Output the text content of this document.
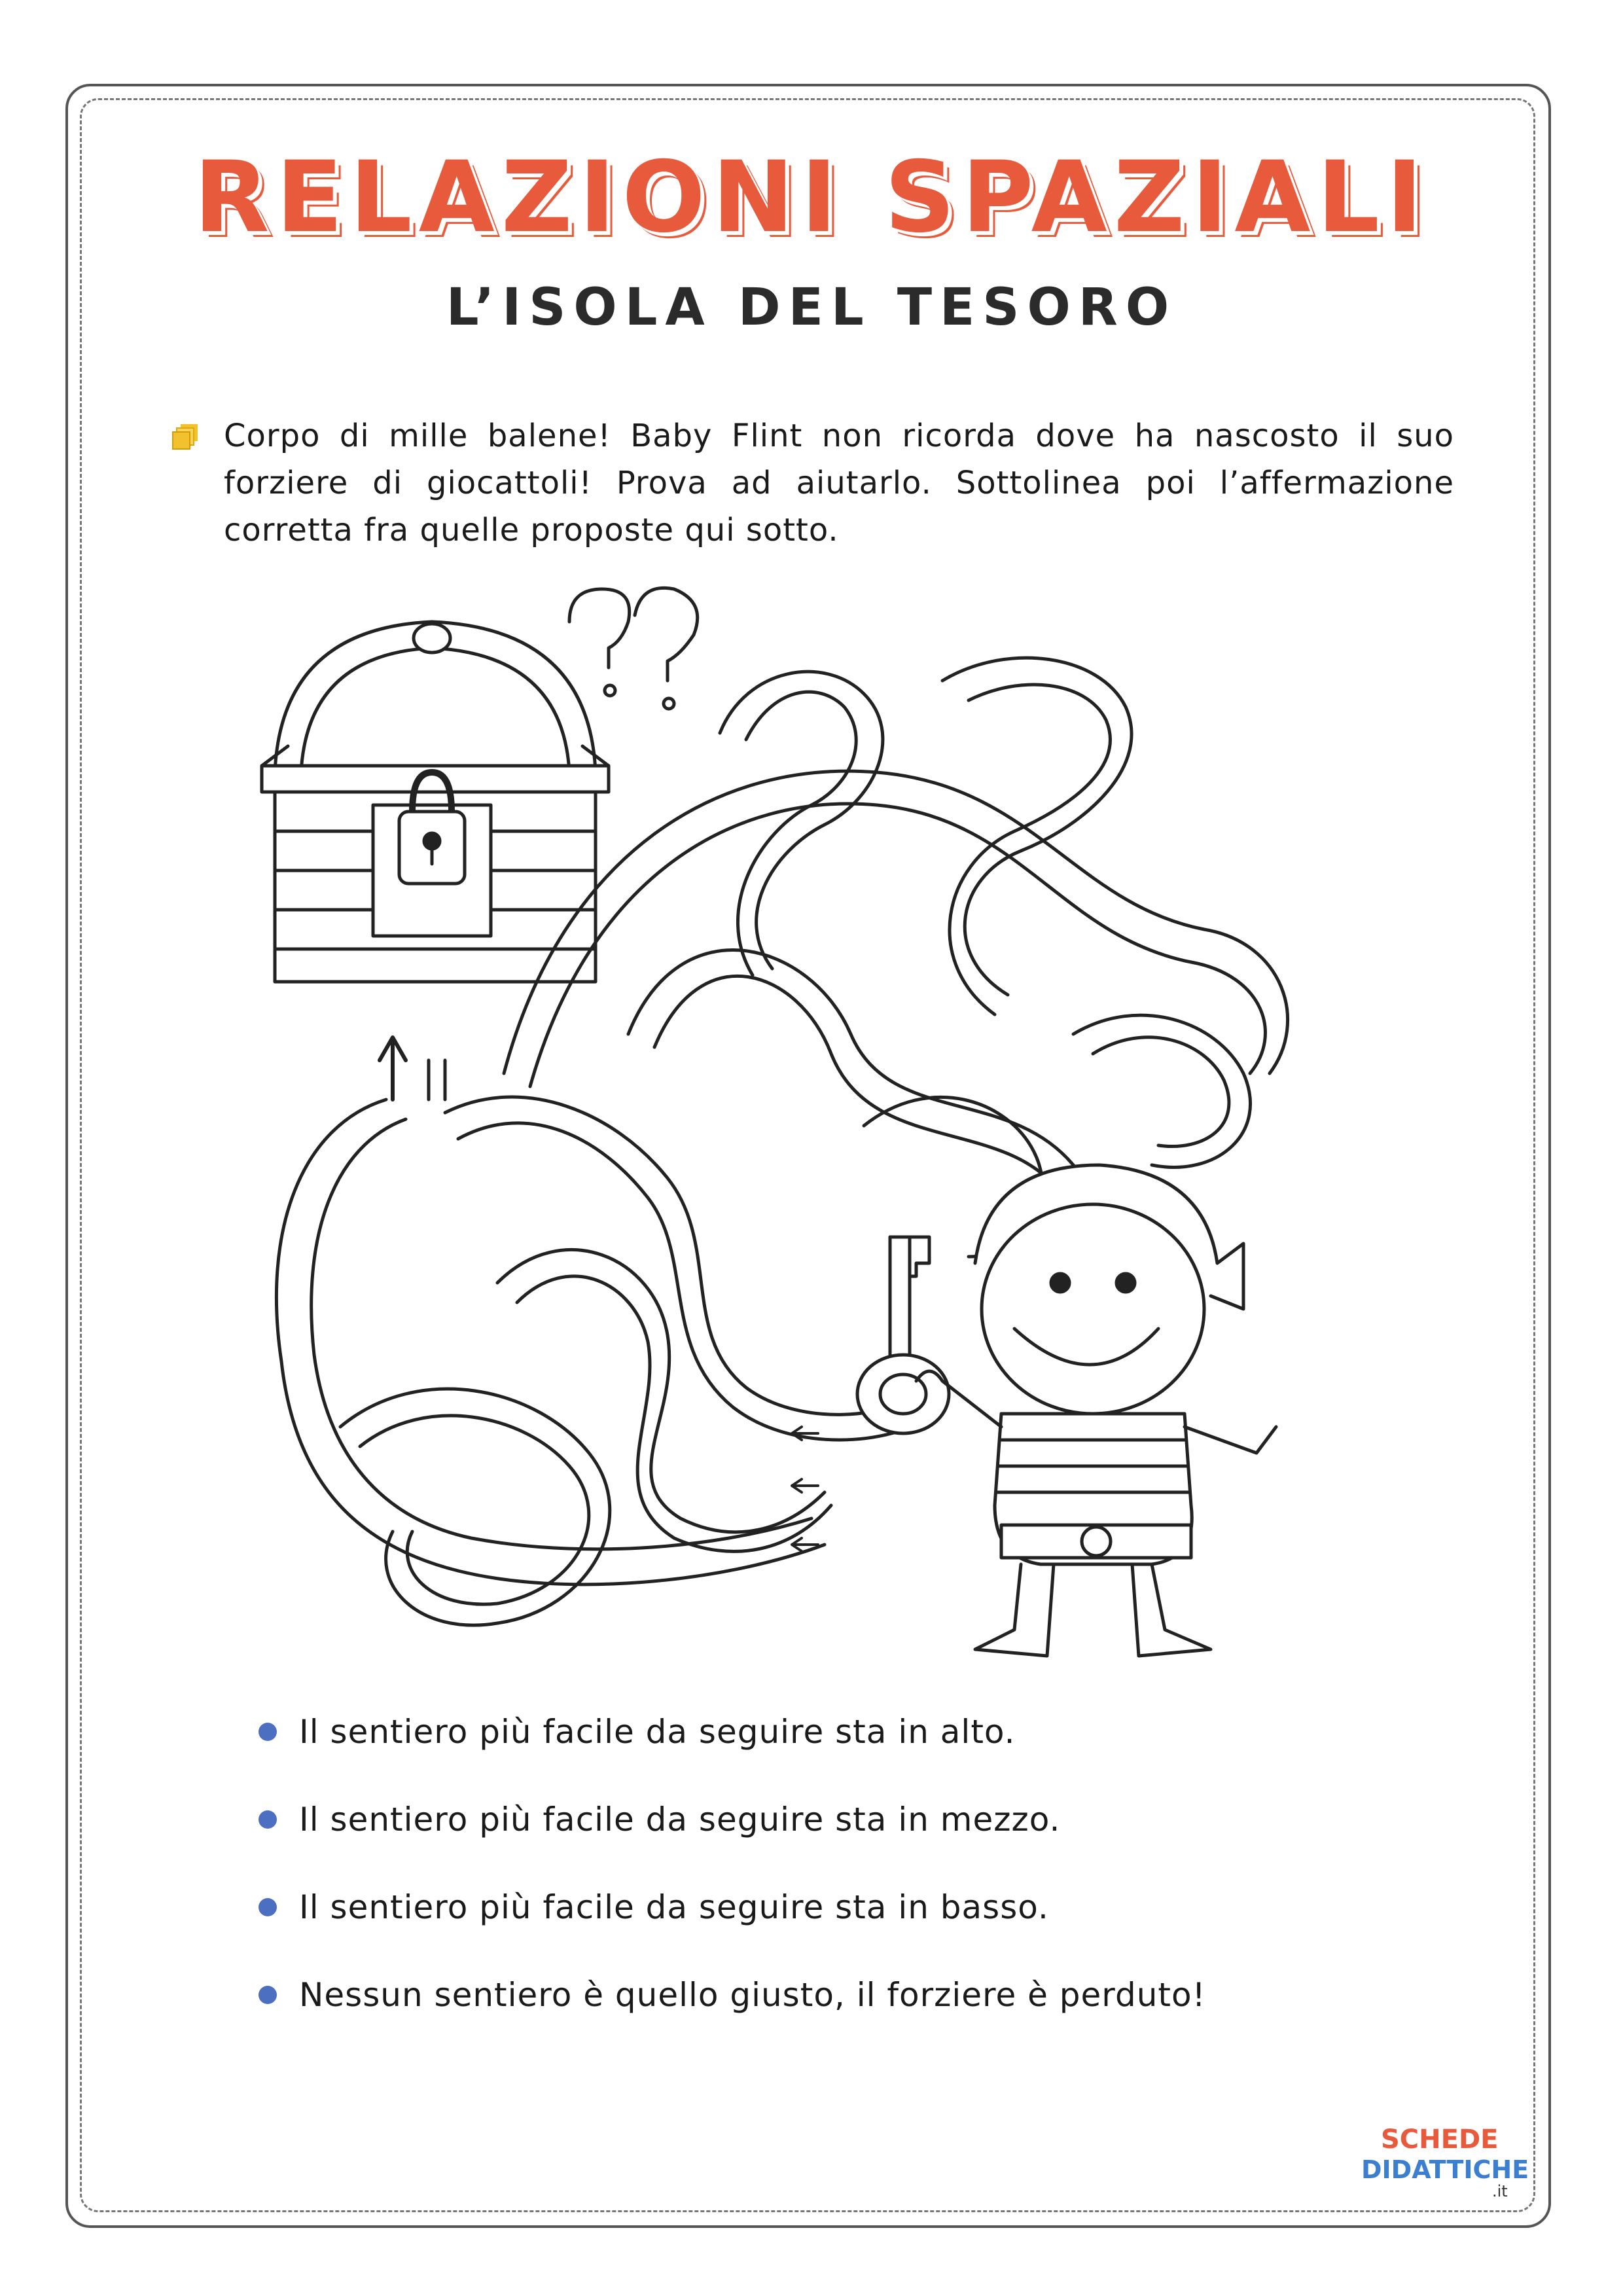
RELAZIONI SPAZIALI
L’ISOLA DEL TESORO
Corpo di mille balene! Baby Flint non ricorda dove ha nascosto il suo forziere di giocattoli! Prova ad aiutarlo. Sottolinea poi l’affermazione corretta fra quelle proposte qui sotto.
Il sentiero più facile da seguire sta in alto.
Il sentiero più facile da seguire sta in mezzo.
Il sentiero più facile da seguire sta in basso.
Nessun sentiero è quello giusto, il forziere è perduto!
SCHEDE
DIDATTICHE
.it
